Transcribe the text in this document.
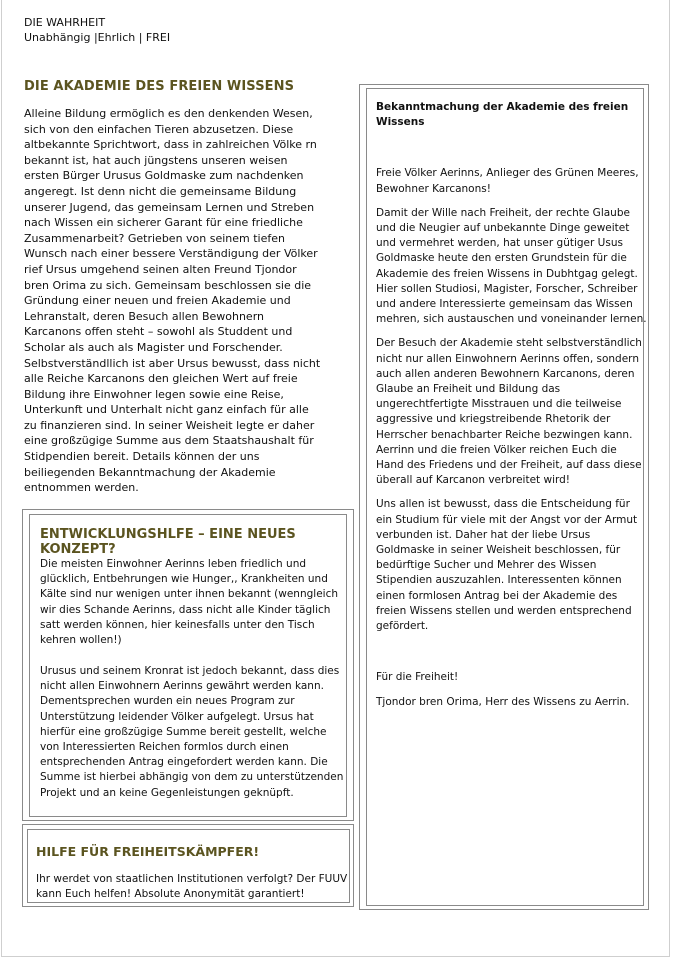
DIE WAHRHEIT
Unabhängig |Ehrlich | FREI
DIE AKADEMIE DES FREIEN WISSENS

Alleine Bildung ermöglich es den denkenden Wesen, sich von den einfachen Tieren abzusetzen. Diese altbekannte Sprichtwort, dass in zahlreichen Völke rn bekannt ist, hat auch jüngstens unseren weisen ersten Bürger Urusus Goldmaske zum nachdenken angeregt. Ist denn nicht die gemeinsame Bildung unserer Jugend, das gemeinsam Lernen und Streben nach Wissen ein sicherer Garant für eine friedliche Zusammenarbeit? Getrieben von seinem tiefen Wunsch nach einer bessere Verständigung der Völker rief Ursus umgehend seinen alten Freund Tjondor bren Orima zu sich. Gemeinsam beschlossen sie die Gründung einer neuen und freien Akademie und Lehranstalt, deren Besuch allen Bewohnern Karcanons offen steht – sowohl als Studdent und Scholar als auch als Magister und Forschender. Selbstverständllich ist aber Ursus bewusst, dass nicht alle Reiche Karcanons den gleichen Wert auf freie Bildung ihre Einwohner legen sowie eine Reise, Unterkunft und Unterhalt nicht ganz einfach für alle zu finanzieren sind. In seiner Weisheit legte er daher eine großzügige Summe aus dem Staatshaushalt für Stidpendien bereit. Details können der uns beiliegenden Bekanntmachung der Akademie entnommen werden.

ENTWICKLUNGSHLFE – EINE NEUES KONZEPT?

Die meisten Einwohner Aerinns leben friedlich und glücklich, Entbehrungen wie Hunger,, Krankheiten und Kälte sind nur wenigen unter ihnen bekannt (wenngleich wir dies Schande Aerinns, dass nicht alle Kinder täglich satt werden können, hier keinesfalls unter den Tisch kehren wollen!)

Urusus und seinem Kronrat ist jedoch bekannt, dass dies nicht allen Einwohnern Aerinns gewährt werden kann. Dementsprechen wurden ein neues Program zur Unterstützung leidender Völker aufgelegt. Ursus hat hierfür eine großzügige Summe bereit gestellt, welche von Interessierten Reichen formlos durch einen entsprechenden Antrag eingefordert werden kann. Die Summe ist hierbei abhängig von dem zu unterstützenden Projekt und an keine Gegenleistungen geknüpft.

HILFE FÜR FREIHEITSKÄMPFER!

Ihr werdet von staatlichen Institutionen verfolgt? Der FUUV kann Euch helfen! Absolute Anonymität garantiert!

Bekanntmachung der Akademie des freien Wissens

Freie Völker Aerinns, Anlieger des Grünen Meeres, Bewohner Karcanons!

Damit der Wille nach Freiheit, der rechte Glaube und die Neugier auf unbekannte Dinge geweitet und vermehret werden, hat unser gütiger Usus Goldmaske heute den ersten Grundstein für die Akademie des freien Wissens in Dubhtgag gelegt. Hier sollen Studiosi, Magister, Forscher, Schreiber und andere Interessierte gemeinsam das Wissen mehren, sich austauschen und voneinander lernen.

Der Besuch der Akademie steht selbstverständlich nicht nur allen Einwohnern Aerinns offen, sondern auch allen anderen Bewohnern Karcanons, deren Glaube an Freiheit und Bildung das ungerechtfertigte Misstrauen und die teilweise aggressive und kriegstreibende Rhetorik der Herrscher benachbarter Reiche bezwingen kann. Aerrinn und die freien Völker reichen Euch die Hand des Friedens und der Freiheit, auf dass diese überall auf Karcanon verbreitet wird!

Uns allen ist bewusst, dass die Entscheidung für ein Studium für viele mit der Angst vor der Armut verbunden ist. Daher hat der liebe Ursus Goldmaske in seiner Weisheit beschlossen, für bedürftige Sucher und Mehrer des Wissen Stipendien auszuzahlen. Interessenten können einen formlosen Antrag bei der Akademie des freien Wissens stellen und werden entsprechend gefördert.

Für die Freiheit!

Tjondor bren Orima, Herr des Wissens zu Aerrin.
